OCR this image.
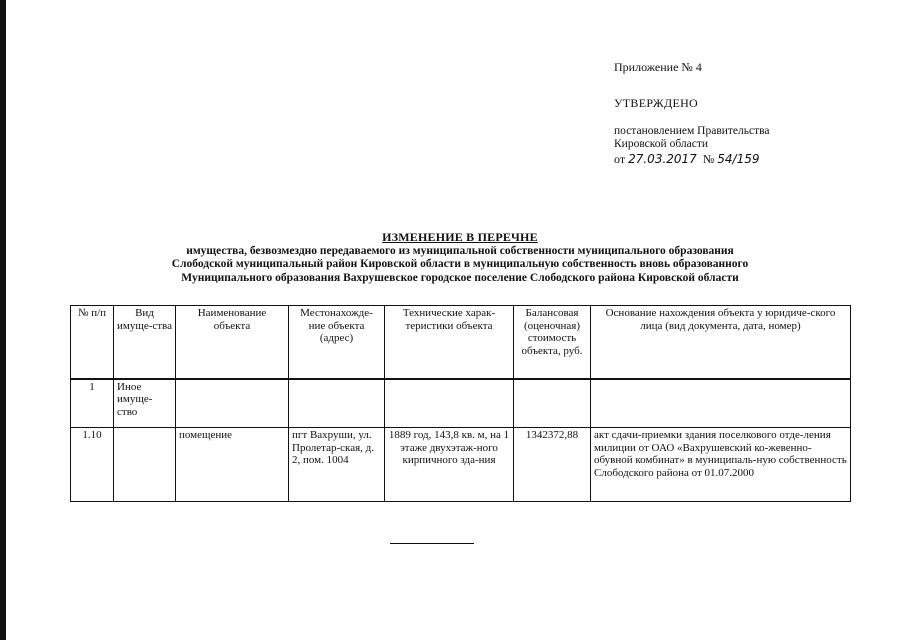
Приложение № 4
УТВЕРЖДЕНО
постановлением Правительства
Кировской области
от 27.03.2017 № 54/159
ИЗМЕНЕНИЕ В ПЕРЕЧНЕ
имущества, безвозмездно передаваемого из муниципальной собственности муниципального образования
Слободской муниципальный район Кировской области в муниципальную собственность вновь образованного
Муниципального образования Вахрушевское городское поселение Слободского района Кировской области
№ п/п	Вид имуще-ства	Наименование объекта	Местонахожде-ние объекта (адрес)	Технические харак-теристики объекта	Балансовая (оценочная) стоимость объекта, руб.	Основание нахождения объекта у юридиче-ского лица (вид документа, дата, номер)
1	Иное имуще-ство					
1.10		помещение	пгт Вахруши, ул. Пролетар-ская, д. 2, пом. 1004	1889 год, 143,8 кв. м, на 1 этаже двухэтаж-ного кирпичного зда-ния	1342372,88	акт сдачи-приемки здания поселкового отде-ления милиции от ОАО «Вахрушевский ко-жевенно-обувной комбинат» в муниципаль-ную собственность Слободского района от 01.07.2000
